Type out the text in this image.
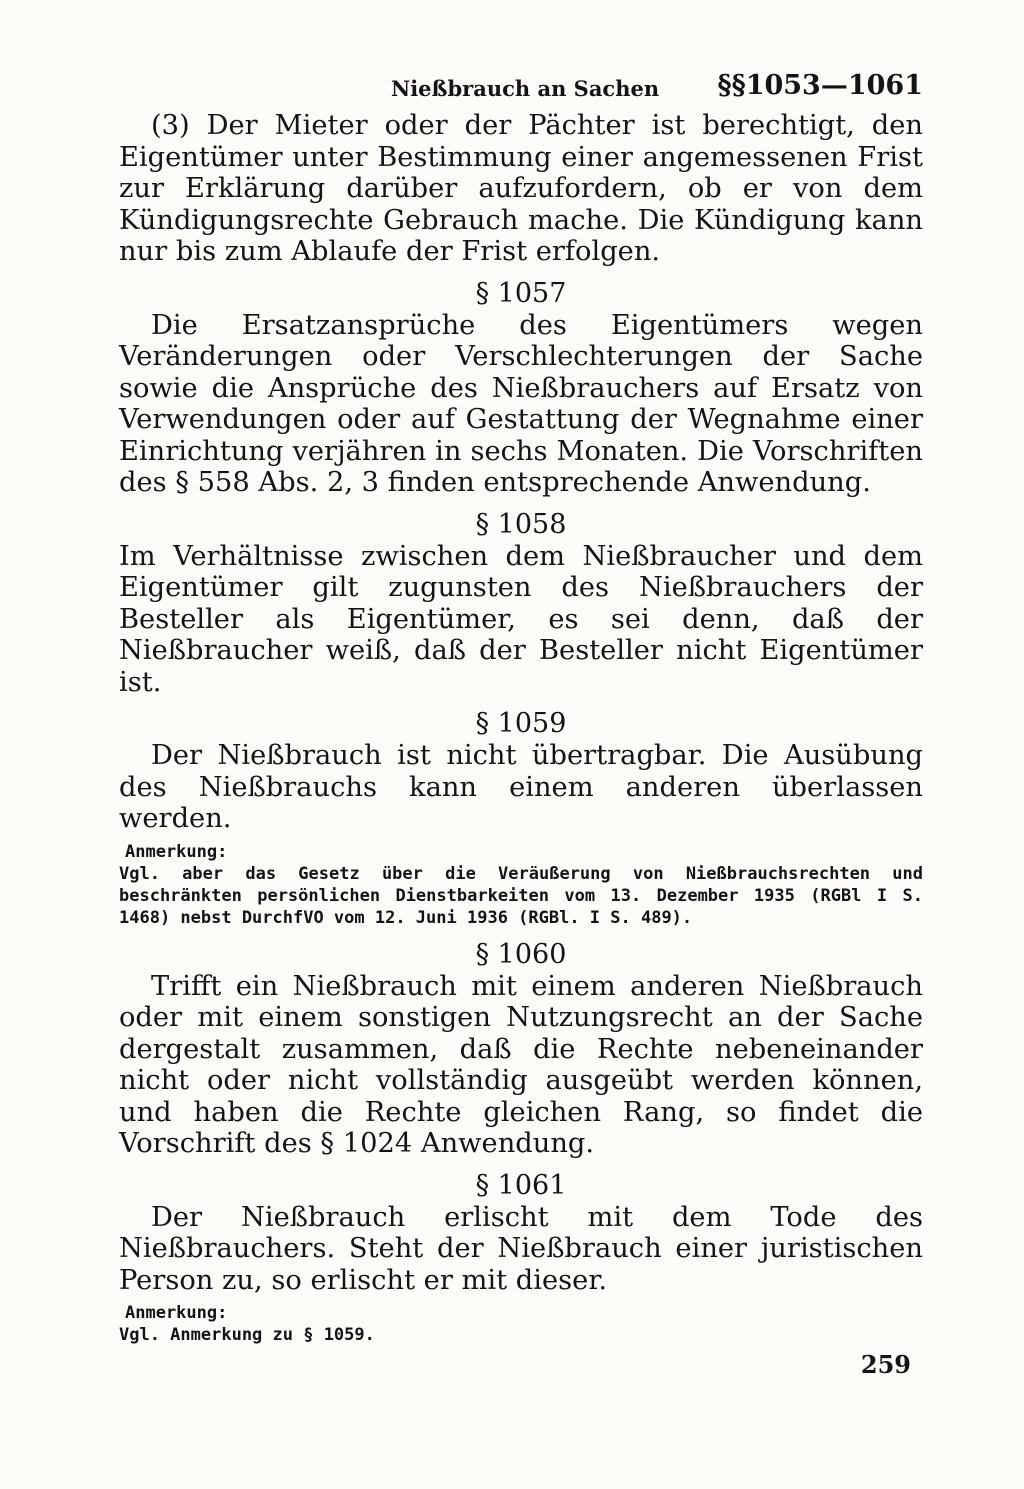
Nießbrauch an Sachen §§1053—1061

(3) Der Mieter oder der Pächter ist berechtigt, den Eigentümer unter Bestimmung einer angemessenen Frist zur Erklärung darüber aufzufordern, ob er von dem Kündigungsrechte Gebrauch mache. Die Kündigung kann nur bis zum Ablaufe der Frist erfolgen.

§ 1057

Die Ersatzansprüche des Eigentümers wegen Veränderungen oder Verschlechterungen der Sache sowie die Ansprüche des Nießbrauchers auf Ersatz von Verwendungen oder auf Gestattung der Wegnahme einer Einrichtung verjähren in sechs Monaten. Die Vorschriften des § 558 Abs. 2, 3 finden entsprechende Anwendung.

§ 1058

Im Verhältnisse zwischen dem Nießbraucher und dem Eigentümer gilt zugunsten des Nießbrauchers der Besteller als Eigentümer, es sei denn, daß der Nießbraucher weiß, daß der Besteller nicht Eigentümer ist.

§ 1059

Der Nießbrauch ist nicht übertragbar. Die Ausübung des Nießbrauchs kann einem anderen überlassen werden.

Anmerkung:
Vgl. aber das Gesetz über die Veräußerung von Nießbrauchsrechten und beschränkten persönlichen Dienstbarkeiten vom 13. Dezember 1935 (RGBl I S. 1468) nebst DurchfVO vom 12. Juni 1936 (RGBl. I S. 489).
§ 1060

Trifft ein Nießbrauch mit einem anderen Nießbrauch oder mit einem sonstigen Nutzungsrecht an der Sache dergestalt zusammen, daß die Rechte nebeneinander nicht oder nicht vollständig ausgeübt werden können, und haben die Rechte gleichen Rang, so findet die Vorschrift des § 1024 Anwendung.

§ 1061

Der Nießbrauch erlischt mit dem Tode des Nießbrauchers. Steht der Nießbrauch einer juristischen Person zu, so erlischt er mit dieser.

Anmerkung:
Vgl. Anmerkung zu § 1059.
259
